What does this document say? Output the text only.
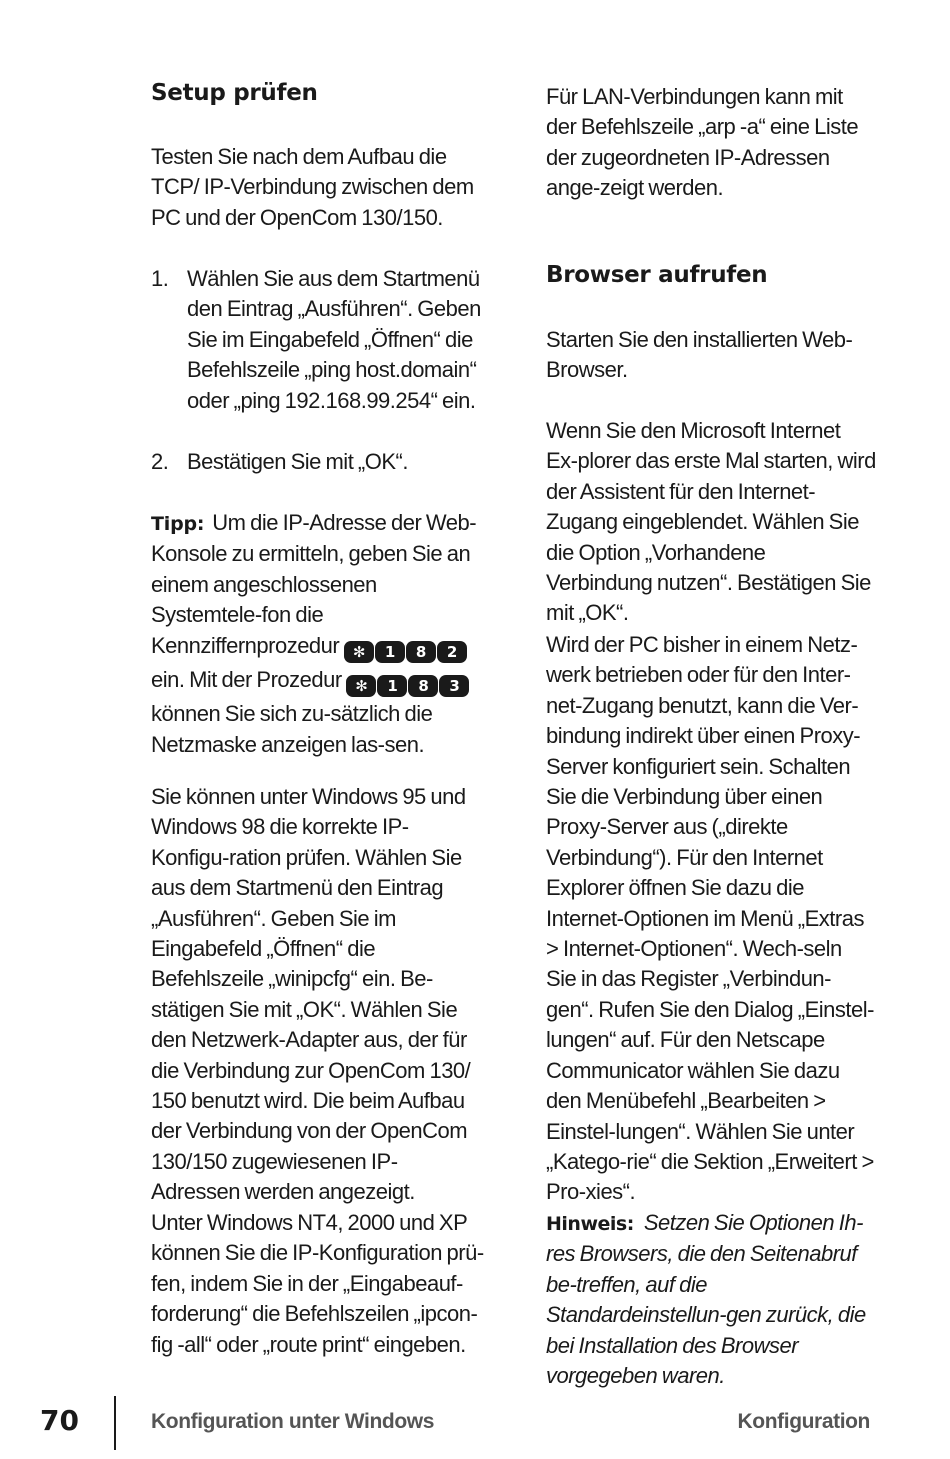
Setup prüfen

Testen Sie nach dem Aufbau die TCP/ IP-Verbindung zwischen dem PC und der OpenCom 130/150.

1. Wählen Sie aus dem Startmenü den Eintrag „Ausführen“. Geben Sie im Eingabefeld „Öffnen“ die Befehlszeile „ping host.domain“ oder „ping 192.168.99.254“ ein.

2. Bestätigen Sie mit „OK“.

Tipp: Um die IP-Adresse der Web-Konsole zu ermitteln, geben Sie an einem angeschlossenen Systemtele-fon die Kennziffernprozedur ✻ 1 8 2ein. Mit der Prozedur ✻ 1 8 3können Sie sich zu-sätzlich die Netzmaske anzeigen las-sen.

Sie können unter Windows 95 und Windows 98 die korrekte IP-Konfigu-ration prüfen. Wählen Sie aus dem Startmenü den Eintrag „Ausführen“. Geben Sie im Eingabefeld „Öffnen“ die Befehlszeile „winipcfg“ ein. Be-stätigen Sie mit „OK“. Wählen Sie den Netzwerk-Adapter aus, der für die Verbindung zur OpenCom 130/ 150 benutzt wird. Die beim Aufbau der Verbindung von der OpenCom 130/150 zugewiesenen IP-Adressen werden angezeigt.

Unter Windows NT4, 2000 und XP können Sie die IP-Konfiguration prü-fen, indem Sie in der „Eingabeauf-forderung“ die Befehlszeilen „ipcon-fig -all“ oder „route print“ eingeben.

Für LAN-Verbindungen kann mit der Befehlszeile „arp -a“ eine Liste der zugeordneten IP-Adressen ange-zeigt werden.

Browser aufrufen

Starten Sie den installierten Web-Browser.

Wenn Sie den Microsoft Internet Ex-plorer das erste Mal starten, wird der Assistent für den Internet-Zugang eingeblendet. Wählen Sie die Option „Vorhandene Verbindung nutzen“. Bestätigen Sie mit „OK“.

Wird der PC bisher in einem Netz-werk betrieben oder für den Inter-net-Zugang benutzt, kann die Ver-bindung indirekt über einen Proxy-Server konfiguriert sein. Schalten Sie die Verbindung über einen Proxy-Server aus („direkte Verbindung“). Für den Internet Explorer öffnen Sie dazu die Internet-Optionen im Menü „Extras > Internet-Optionen“. Wech-seln Sie in das Register „Verbindun-gen“. Rufen Sie den Dialog „Einstel-lungen“ auf. Für den Netscape Communicator wählen Sie dazu den Menübefehl „Bearbeiten > Einstel-lungen“. Wählen Sie unter „Katego-rie“ die Sektion „Erweitert > Pro-xies“.

Hinweis: Setzen Sie Optionen Ih-res Browsers, die den Seitenabruf be-treffen, auf die Standardeinstellun-gen zurück, die bei Installation des Browser vorgegeben waren.

70	Konfiguration unter Windows	Konfiguration
